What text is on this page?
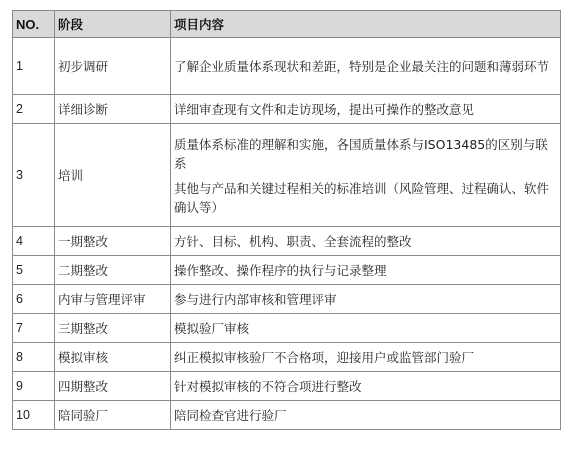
NO.	阶段	项目内容
1	初步调研	了解企业质量体系现状和差距，特别是企业最关注的问题和薄弱环节

2	详细诊断	详细审查现有文件和走访现场，提出可操作的整改意见

3	培训	质量体系标准的理解和实施，各国质量体系与ISO13485的区别与联系
其他与产品和关键过程相关的标准培训（风险管理、过程确认、软件确认等）

4	一期整改	方针、目标、机构、职责、全套流程的整改

5	二期整改	操作整改、操作程序的执行与记录整理

6	内审与管理评审	参与进行内部审核和管理评审

7	三期整改	模拟验厂审核

8	模拟审核	纠正模拟审核验厂不合格项，迎接用户或监管部门验厂

9	四期整改	针对模拟审核的不符合项进行整改

10	陪同验厂	陪同检查官进行验厂
